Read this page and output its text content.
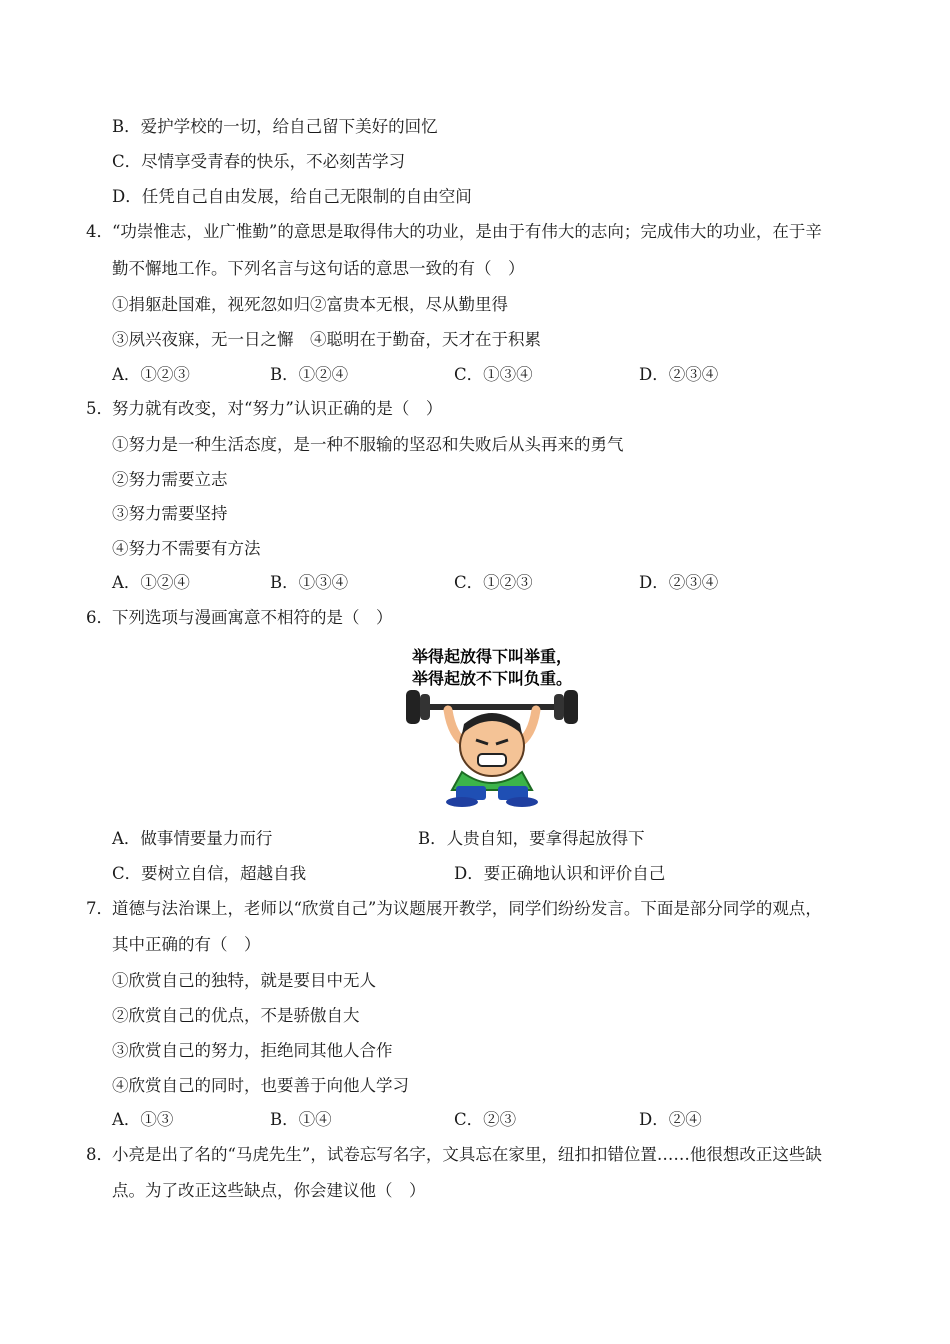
B．爱护学校的一切，给自己留下美好的回忆
C．尽情享受青春的快乐，不必刻苦学习
D．任凭自己自由发展，给自己无限制的自由空间
4． “功崇惟志，业广惟勤”的意思是取得伟大的功业，是由于有伟大的志向；完成伟大的功业，在于辛
勤不懈地工作。下列名言与这句话的意思一致的有（　）
①捐躯赴国难，视死忽如归②富贵本无根，尽从勤里得
③夙兴夜寐，无一日之懈　④聪明在于勤奋，天才在于积累
A．①②③	B．①②④	C．①③④	D．②③④
5． 努力就有改变，对“努力”认识正确的是（　）
①努力是一种生活态度，是一种不服输的坚忍和失败后从头再来的勇气
②努力需要立志
③努力需要坚持
④努力不需要有方法
A．①②④	B．①③④	C．①②③	D．②③④
6． 下列选项与漫画寓意不相符的是（　）
举得起放得下叫举重，
举得起放不下叫负重。
A．做事情要量力而行	B．人贵自知，要拿得起放得下
C．要树立自信，超越自我	D．要正确地认识和评价自己
7． 道德与法治课上，老师以“欣赏自己”为议题展开教学，同学们纷纷发言。下面是部分同学的观点，
其中正确的有（　）
①欣赏自己的独特，就是要目中无人
②欣赏自己的优点，不是骄傲自大
③欣赏自己的努力，拒绝同其他人合作
④欣赏自己的同时，也要善于向他人学习
A．①③	B．①④	C．②③	D．②④
8． 小亮是出了名的“马虎先生”，试卷忘写名字，文具忘在家里，纽扣扣错位置……他很想改正这些缺
点。为了改正这些缺点，你会建议他（　）
